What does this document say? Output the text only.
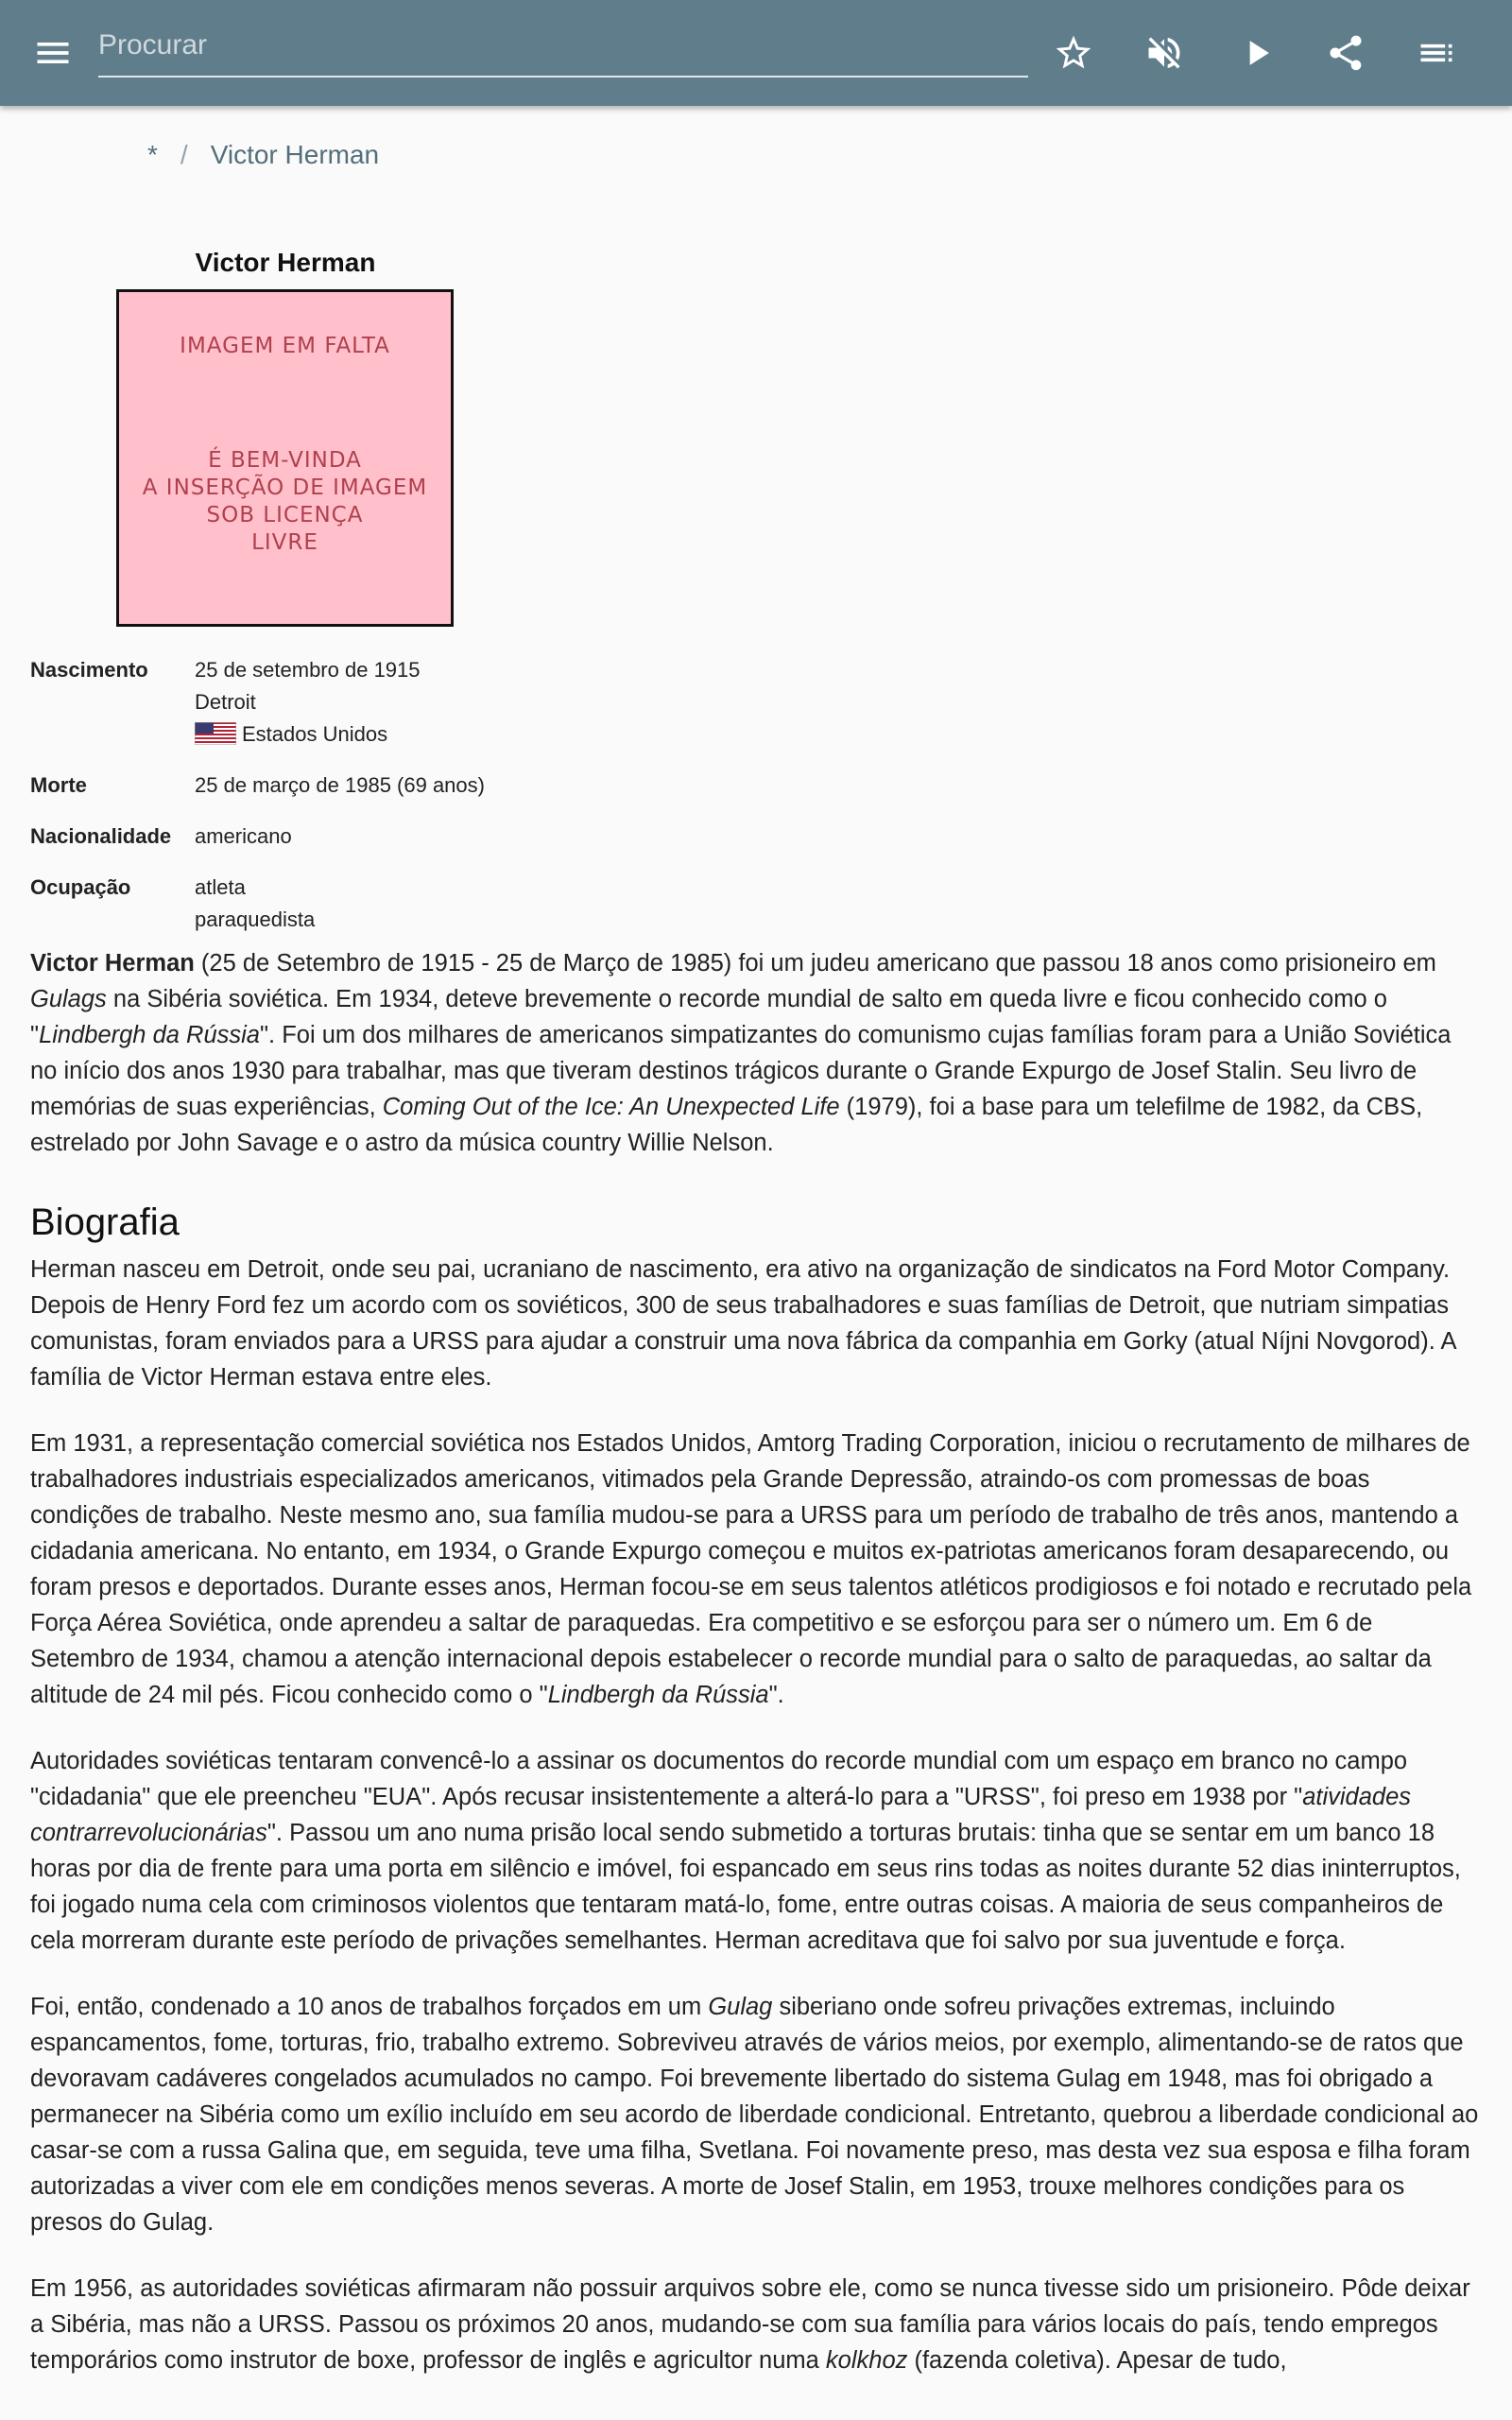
Procurar
* / Victor Herman
Victor Herman
IMAGEM EM FALTA
É BEM-VINDA
A INSERÇÃO DE IMAGEM
SOB LICENÇA
LIVRE
Nascimento	25 de setembro de 1915
Detroit
Estados Unidos
Morte	25 de março de 1985 (69 anos)
Nacionalidade	americano
Ocupação	atleta
paraquedista

Victor Herman (25 de Setembro de 1915 - 25 de Março de 1985) foi um judeu americano que passou 18 anos como prisioneiro em Gulags na Sibéria soviética. Em 1934, deteve brevemente o recorde mundial de salto em queda livre e ficou conhecido como o "Lindbergh da Rússia". Foi um dos milhares de americanos simpatizantes do comunismo cujas famílias foram para a União Soviética no início dos anos 1930 para trabalhar, mas que tiveram destinos trágicos durante o Grande Expurgo de Josef Stalin. Seu livro de memórias de suas experiências, Coming Out of the Ice: An Unexpected Life (1979), foi a base para um telefilme de 1982, da CBS, estrelado por John Savage e o astro da música country Willie Nelson.

Biografia

Herman nasceu em Detroit, onde seu pai, ucraniano de nascimento, era ativo na organização de sindicatos na Ford Motor Company. Depois de Henry Ford fez um acordo com os soviéticos, 300 de seus trabalhadores e suas famílias de Detroit, que nutriam simpatias comunistas, foram enviados para a URSS para ajudar a construir uma nova fábrica da companhia em Gorky (atual Níjni Novgorod). A família de Victor Herman estava entre eles.

Em 1931, a representação comercial soviética nos Estados Unidos, Amtorg Trading Corporation, iniciou o recrutamento de milhares de trabalhadores industriais especializados americanos, vitimados pela Grande Depressão, atraindo-os com promessas de boas condições de trabalho. Neste mesmo ano, sua família mudou-se para a URSS para um período de trabalho de três anos, mantendo a cidadania americana. No entanto, em 1934, o Grande Expurgo começou e muitos ex-patriotas americanos foram desaparecendo, ou foram presos e deportados. Durante esses anos, Herman focou-se em seus talentos atléticos prodigiosos e foi notado e recrutado pela Força Aérea Soviética, onde aprendeu a saltar de paraquedas. Era competitivo e se esforçou para ser o número um. Em 6 de Setembro de 1934, chamou a atenção internacional depois estabelecer o recorde mundial para o salto de paraquedas, ao saltar da altitude de 24 mil pés. Ficou conhecido como o "Lindbergh da Rússia".

Autoridades soviéticas tentaram convencê-lo a assinar os documentos do recorde mundial com um espaço em branco no campo "cidadania" que ele preencheu "EUA". Após recusar insistentemente a alterá-lo para a "URSS", foi preso em 1938 por "atividades contrarrevolucionárias". Passou um ano numa prisão local sendo submetido a torturas brutais: tinha que se sentar em um banco 18 horas por dia de frente para uma porta em silêncio e imóvel, foi espancado em seus rins todas as noites durante 52 dias ininterruptos, foi jogado numa cela com criminosos violentos que tentaram matá-lo, fome, entre outras coisas. A maioria de seus companheiros de cela morreram durante este período de privações semelhantes. Herman acreditava que foi salvo por sua juventude e força.

Foi, então, condenado a 10 anos de trabalhos forçados em um Gulag siberiano onde sofreu privações extremas, incluindo espancamentos, fome, torturas, frio, trabalho extremo. Sobreviveu através de vários meios, por exemplo, alimentando-se de ratos que devoravam cadáveres congelados acumulados no campo. Foi brevemente libertado do sistema Gulag em 1948, mas foi obrigado a permanecer na Sibéria como um exílio incluído em seu acordo de liberdade condicional. Entretanto, quebrou a liberdade condicional ao casar-se com a russa Galina que, em seguida, teve uma filha, Svetlana. Foi novamente preso, mas desta vez sua esposa e filha foram autorizadas a viver com ele em condições menos severas. A morte de Josef Stalin, em 1953, trouxe melhores condições para os presos do Gulag.

Em 1956, as autoridades soviéticas afirmaram não possuir arquivos sobre ele, como se nunca tivesse sido um prisioneiro. Pôde deixar a Sibéria, mas não a URSS. Passou os próximos 20 anos, mudando-se com sua família para vários locais do país, tendo empregos temporários como instrutor de boxe, professor de inglês e agricultor numa kolkhoz (fazenda coletiva). Apesar de tudo,
